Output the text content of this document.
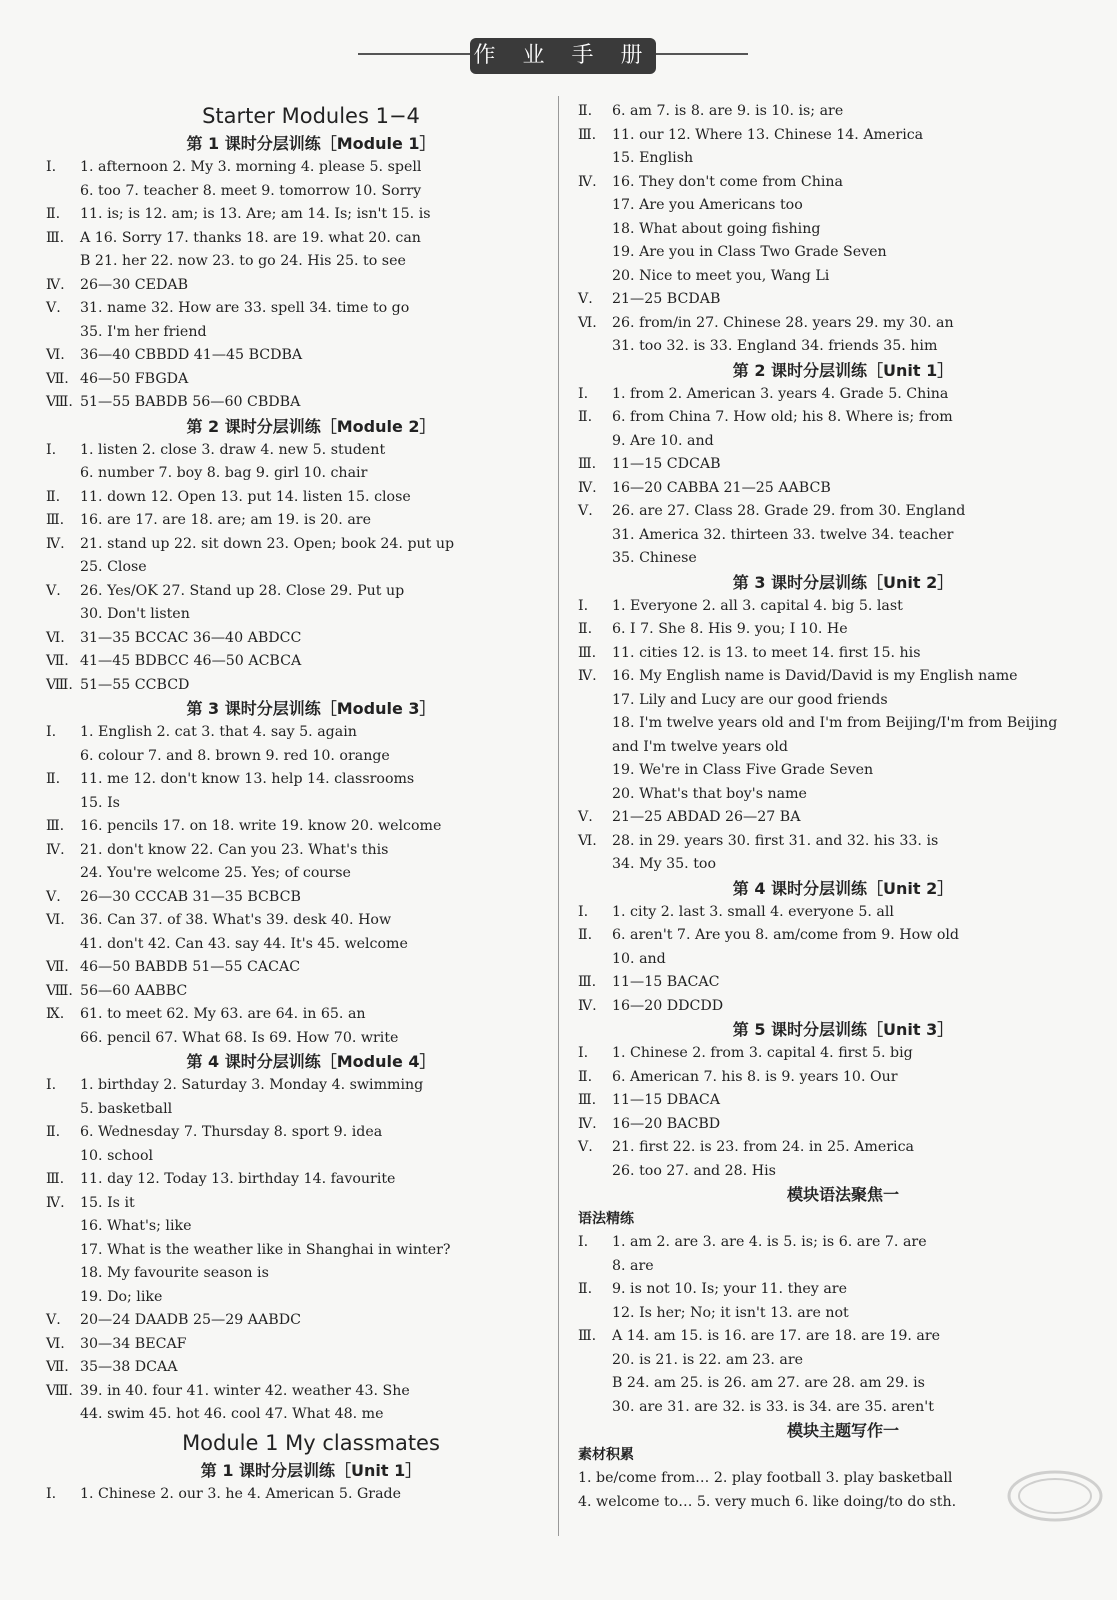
作 业 手 册
Starter Modules 1−4
第 1 课时分层训练［Module 1］
Ⅰ.	1. afternoon 2. My 3. morning 4. please 5. spell
6. too 7. teacher 8. meet 9. tomorrow 10. Sorry
Ⅱ.	11. is; is 12. am; is 13. Are; am 14. Is; isn't 15. is
Ⅲ.	A 16. Sorry 17. thanks 18. are 19. what 20. can
B 21. her 22. now 23. to go 24. His 25. to see
Ⅳ.	26—30 CEDAB
Ⅴ.	31. name 32. How are 33. spell 34. time to go
35. I'm her friend
Ⅵ.	36—40 CBBDD 41—45 BCDBA
Ⅶ. 46—50 FBGDA
Ⅷ. 51—55 BABDB 56—60 CBDBA
第 2 课时分层训练［Module 2］
Ⅰ.	1. listen 2. close 3. draw 4. new 5. student
6. number 7. boy 8. bag 9. girl 10. chair
Ⅱ.	11. down 12. Open 13. put 14. listen 15. close
Ⅲ.	16. are 17. are 18. are; am 19. is 20. are
Ⅳ.	21. stand up 22. sit down 23. Open; book 24. put up
25. Close
Ⅴ.	26. Yes/OK 27. Stand up 28. Close 29. Put up
30. Don't listen
Ⅵ.	31—35 BCCAC 36—40 ABDCC
Ⅶ. 41—45 BDBCC 46—50 ACBCA
Ⅷ. 51—55 CCBCD
第 3 课时分层训练［Module 3］
Ⅰ.	1. English 2. cat 3. that 4. say 5. again
6. colour 7. and 8. brown 9. red 10. orange
Ⅱ.	11. me 12. don't know 13. help 14. classrooms
15. Is
Ⅲ.	16. pencils 17. on 18. write 19. know 20. welcome
Ⅳ.	21. don't know 22. Can you 23. What's this
24. You're welcome 25. Yes; of course
Ⅴ.	26—30 CCCAB 31—35 BCBCB
Ⅵ.	36. Can 37. of 38. What's 39. desk 40. How
41. don't 42. Can 43. say 44. It's 45. welcome
Ⅶ. 46—50 BABDB 51—55 CACAC
Ⅷ. 56—60 AABBC
Ⅸ.	61. to meet 62. My 63. are 64. in 65. an
66. pencil 67. What 68. Is 69. How 70. write
第 4 课时分层训练［Module 4］
Ⅰ.	1. birthday 2. Saturday 3. Monday 4. swimming
5. basketball
Ⅱ.	6. Wednesday 7. Thursday 8. sport 9. idea
10. school
Ⅲ.	11. day 12. Today 13. birthday 14. favourite
Ⅳ.	15. Is it
16. What's; like
17. What is the weather like in Shanghai in winter?
18. My favourite season is
19. Do; like
Ⅴ.	20—24 DAADB 25—29 AABDC
Ⅵ.	30—34 BECAF
Ⅶ. 35—38 DCAA
Ⅷ. 39. in 40. four 41. winter 42. weather 43. She
44. swim 45. hot 46. cool 47. What 48. me
Module 1 My classmates
第 1 课时分层训练［Unit 1］
Ⅰ.	1. Chinese 2. our 3. he 4. American 5. Grade
Ⅱ.	6. am 7. is 8. are 9. is 10. is; are
Ⅲ.	11. our 12. Where 13. Chinese 14. America
15. English
Ⅳ.	16. They don't come from China
17. Are you Americans too
18. What about going fishing
19. Are you in Class Two Grade Seven
20. Nice to meet you, Wang Li
Ⅴ.	21—25 BCDAB
Ⅵ.	26. from/in 27. Chinese 28. years 29. my 30. an
31. too 32. is 33. England 34. friends 35. him
第 2 课时分层训练［Unit 1］
Ⅰ.	1. from 2. American 3. years 4. Grade 5. China
Ⅱ.	6. from China 7. How old; his 8. Where is; from
9. Are 10. and
Ⅲ.	11—15 CDCAB
Ⅳ.	16—20 CABBA 21—25 AABCB
Ⅴ.	26. are 27. Class 28. Grade 29. from 30. England
31. America 32. thirteen 33. twelve 34. teacher
35. Chinese
第 3 课时分层训练［Unit 2］
Ⅰ.	1. Everyone 2. all 3. capital 4. big 5. last
Ⅱ.	6. I 7. She 8. His 9. you; I 10. He
Ⅲ.	11. cities 12. is 13. to meet 14. first 15. his
Ⅳ.	16. My English name is David/David is my English name
17. Lily and Lucy are our good friends
18. I'm twelve years old and I'm from Beijing/I'm from Beijing
and I'm twelve years old
19. We're in Class Five Grade Seven
20. What's that boy's name
Ⅴ.	21—25 ABDAD 26—27 BA
Ⅵ.	28. in 29. years 30. first 31. and 32. his 33. is
34. My 35. too
第 4 课时分层训练［Unit 2］
Ⅰ.	1. city 2. last 3. small 4. everyone 5. all
Ⅱ.	6. aren't 7. Are you 8. am/come from 9. How old
10. and
Ⅲ.	11—15 BACAC
Ⅳ.	16—20 DDCDD
第 5 课时分层训练［Unit 3］
Ⅰ.	1. Chinese 2. from 3. capital 4. first 5. big
Ⅱ.	6. American 7. his 8. is 9. years 10. Our
Ⅲ.	11—15 DBACA
Ⅳ.	16—20 BACBD
Ⅴ.	21. first 22. is 23. from 24. in 25. America
26. too 27. and 28. His
模块语法聚焦一
语法精练
Ⅰ.	1. am 2. are 3. are 4. is 5. is; is 6. are 7. are
8. are
Ⅱ.	9. is not 10. Is; your 11. they are
12. Is her; No; it isn't 13. are not
Ⅲ.	A 14. am 15. is 16. are 17. are 18. are 19. are
20. is 21. is 22. am 23. are
B 24. am 25. is 26. am 27. are 28. am 29. is
30. are 31. are 32. is 33. is 34. are 35. aren't
模块主题写作一
素材积累
1. be/come from… 2. play football 3. play basketball
4. welcome to… 5. very much 6. like doing/to do sth.
